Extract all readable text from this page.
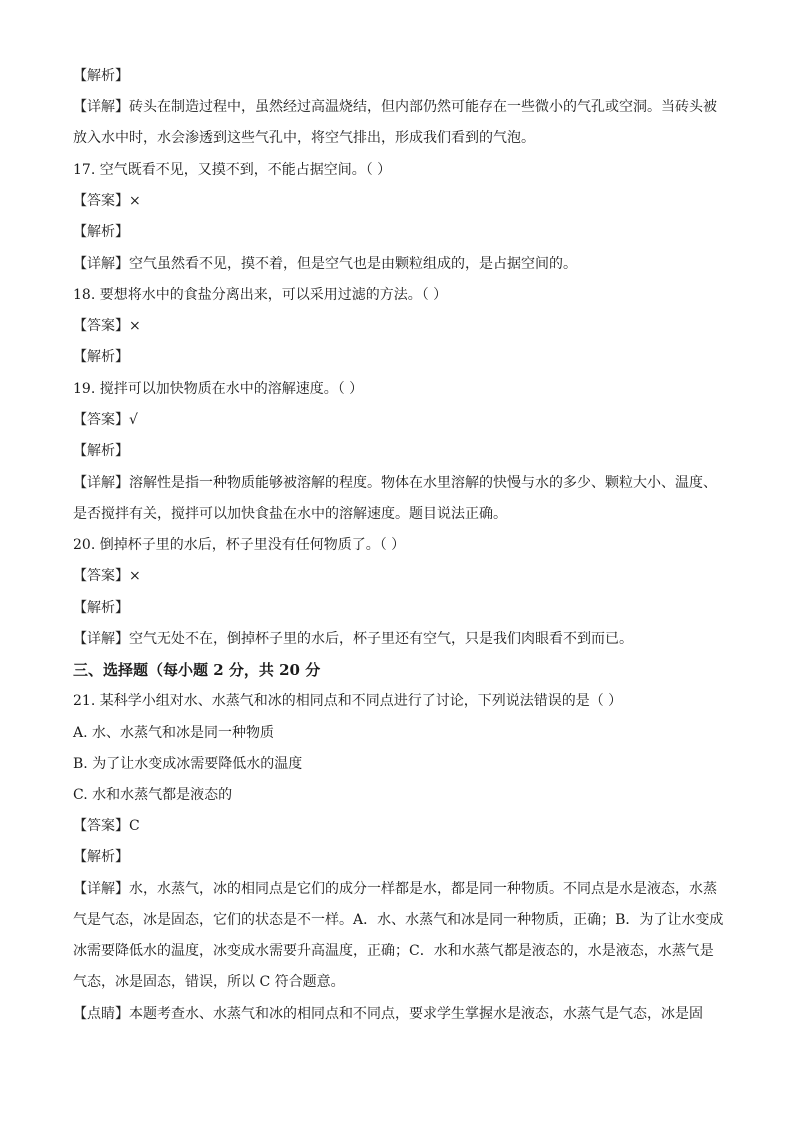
【解析】
【详解】砖头在制造过程中，虽然经过高温烧结，但内部仍然可能存在一些微小的气孔或空洞。当砖头被
放入水中时，水会渗透到这些气孔中，将空气排出，形成我们看到的气泡。
17. 空气既看不见，又摸不到，不能占据空间。（ ）
【答案】×
【解析】
【详解】空气虽然看不见，摸不着，但是空气也是由颗粒组成的，是占据空间的。
18. 要想将水中的食盐分离出来，可以采用过滤的方法。（ ）
【答案】×
【解析】
19. 搅拌可以加快物质在水中的溶解速度。（ ）
【答案】√
【解析】
【详解】溶解性是指一种物质能够被溶解的程度。物体在水里溶解的快慢与水的多少、颗粒大小、温度、
是否搅拌有关，搅拌可以加快食盐在水中的溶解速度。题目说法正确。
20. 倒掉杯子里的水后，杯子里没有任何物质了。（ ）
【答案】×
【解析】
【详解】空气无处不在，倒掉杯子里的水后，杯子里还有空气，只是我们肉眼看不到而已。
三、选择题（每小题 2 分，共 20 分
21. 某科学小组对水、水蒸气和冰的相同点和不同点进行了讨论，下列说法错误的是（ ）
A. 水、水蒸气和冰是同一种物质
B. 为了让水变成冰需要降低水的温度
C. 水和水蒸气都是液态的
【答案】C
【解析】
【详解】水，水蒸气，冰的相同点是它们的成分一样都是水，都是同一种物质。不同点是水是液态，水蒸
气是气态，冰是固态，它们的状态是不一样。A．水、水蒸气和冰是同一种物质，正确；B．为了让水变成
冰需要降低水的温度，冰变成水需要升高温度，正确；C．水和水蒸气都是液态的，水是液态，水蒸气是
气态，冰是固态，错误，所以 C 符合题意。
【点睛】本题考查水、水蒸气和冰的相同点和不同点，要求学生掌握水是液态，水蒸气是气态，冰是固
